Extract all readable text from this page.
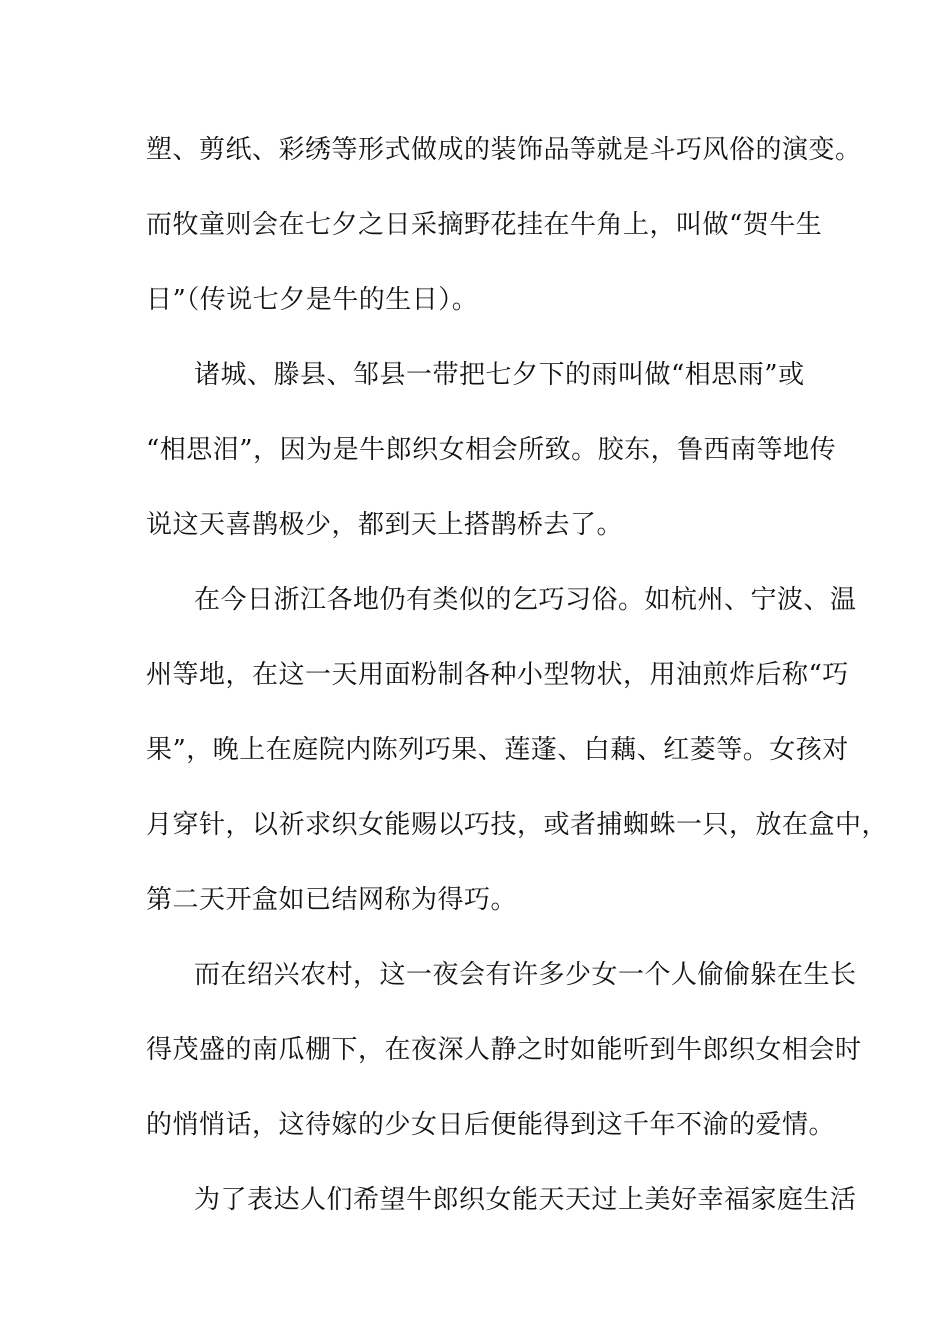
塑、剪纸、彩绣等形式做成的装饰品等就是斗巧风俗的演变。
而牧童则会在七夕之日采摘野花挂在牛角上，叫做“贺牛生
日”（传说七夕是牛的生日）。
诸城、滕县、邹县一带把七夕下的雨叫做“相思雨”或
“相思泪”，因为是牛郎织女相会所致。胶东，鲁西南等地传
说这天喜鹊极少，都到天上搭鹊桥去了。
在今日浙江各地仍有类似的乞巧习俗。如杭州、宁波、温
州等地，在这一天用面粉制各种小型物状，用油煎炸后称“巧
果”，晚上在庭院内陈列巧果、莲蓬、白藕、红菱等。女孩对
月穿针，以祈求织女能赐以巧技，或者捕蜘蛛一只，放在盒中，
第二天开盒如已结网称为得巧。
而在绍兴农村，这一夜会有许多少女一个人偷偷躲在生长
得茂盛的南瓜棚下，在夜深人静之时如能听到牛郎织女相会时
的悄悄话，这待嫁的少女日后便能得到这千年不渝的爱情。
为了表达人们希望牛郎织女能天天过上美好幸福家庭生活
